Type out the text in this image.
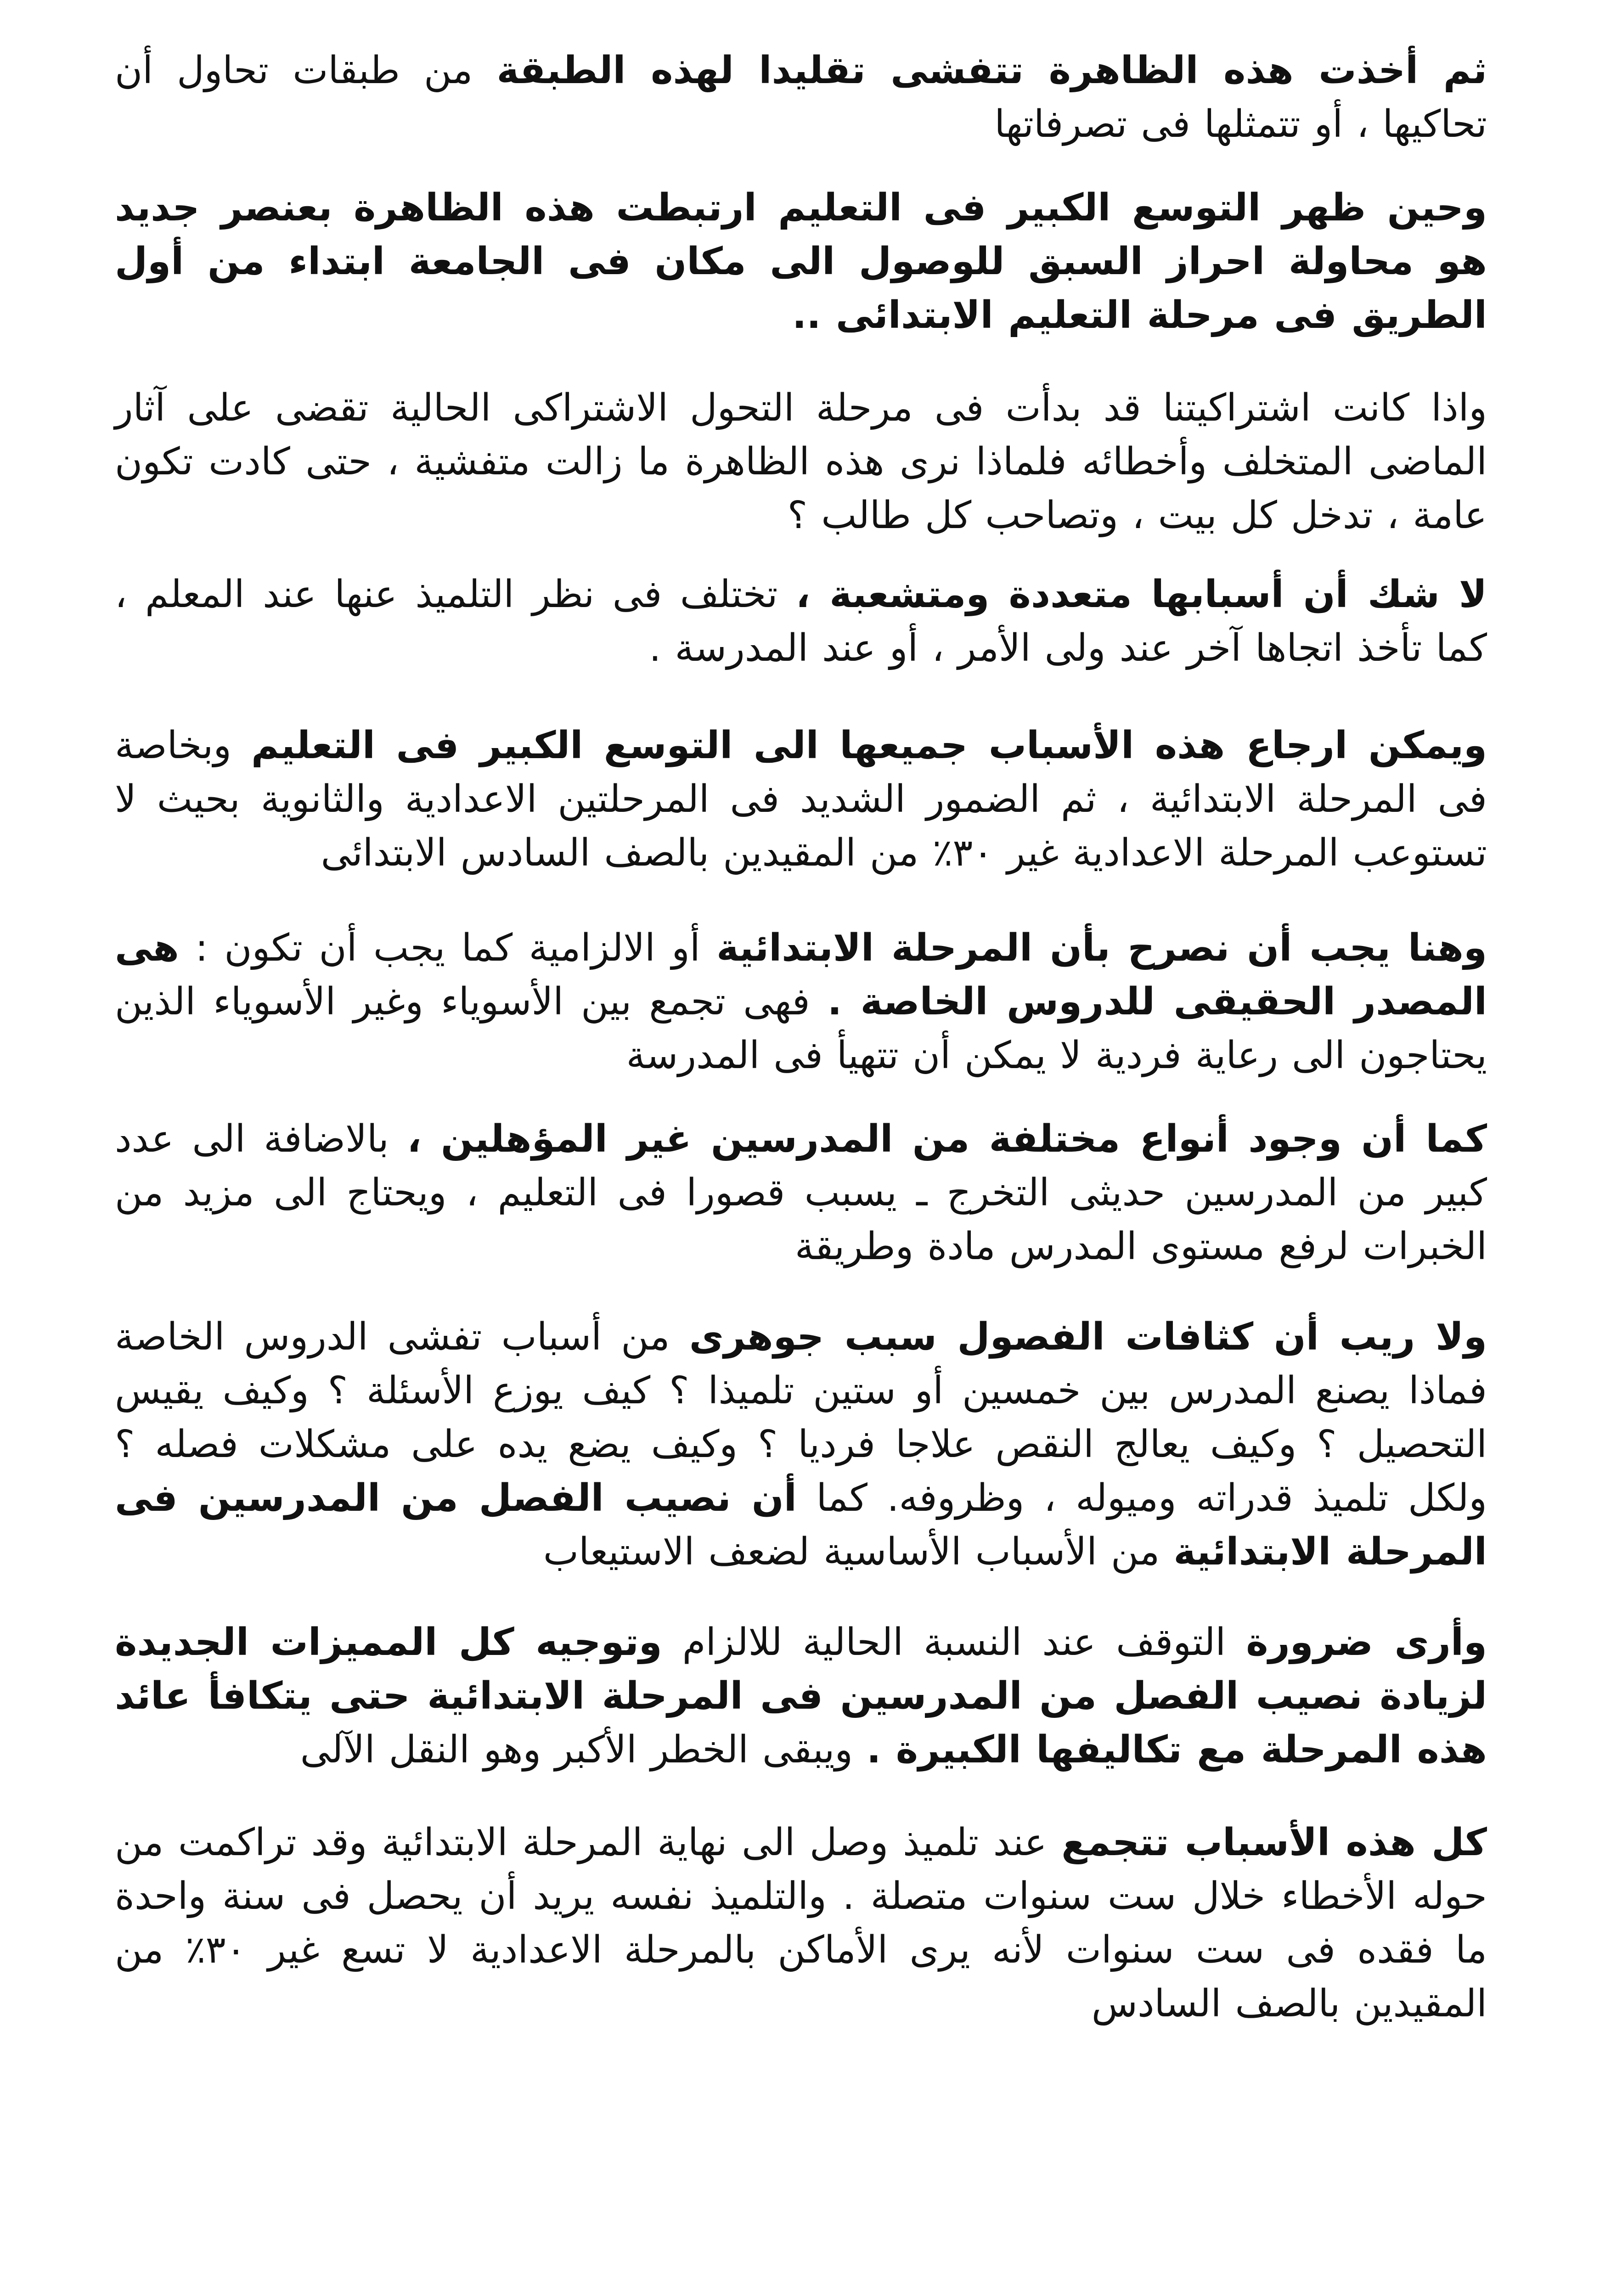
ثم أخذت هذه الظاهرة تتفشى تقليدا لهذه الطبقة من طبقات تحاول أن تحاكيها ، أو تتمثلها فى تصرفاتها

وحين ظهر التوسع الكبير فى التعليم ارتبطت هذه الظاهرة بعنصر جديد هو محاولة احراز السبق للوصول الى مكان فى الجامعة ابتداء من أول الطريق فى مرحلة التعليم الابتدائى ..

واذا كانت اشتراكيتنا قد بدأت فى مرحلة التحول الاشتراكى الحالية تقضى على آثار الماضى المتخلف وأخطائه فلماذا نرى هذه الظاهرة ما زالت متفشية ، حتى كادت تكون عامة ، تدخل كل بيت ، وتصاحب كل طالب ؟

لا شك أن أسبابها متعددة ومتشعبة ، تختلف فى نظر التلميذ عنها عند المعلم ، كما تأخذ اتجاها آخر عند ولى الأمر ، أو عند المدرسة .

ويمكن ارجاع هذه الأسباب جميعها الى التوسع الكبير فى التعليم وبخاصة فى المرحلة الابتدائية ، ثم الضمور الشديد فى المرحلتين الاعدادية والثانوية بحيث لا تستوعب المرحلة الاعدادية غير ٣٠٪ من المقيدين بالصف السادس الابتدائى

وهنا يجب أن نصرح بأن المرحلة الابتدائية أو الالزامية كما يجب أن تكون : هى المصدر الحقيقى للدروس الخاصة . فهى تجمع بين الأسوياء وغير الأسوياء الذين يحتاجون الى رعاية فردية لا يمكن أن تتهيأ فى المدرسة

كما أن وجود أنواع مختلفة من المدرسين غير المؤهلين ، بالاضافة الى عدد كبير من المدرسين حديثى التخرج ـ يسبب قصورا فى التعليم ، ويحتاج الى مزيد من الخبرات لرفع مستوى المدرس مادة وطريقة

ولا ريب أن كثافات الفصول سبب جوهرى من أسباب تفشى الدروس الخاصة فماذا يصنع المدرس بين خمسين أو ستين تلميذا ؟ كيف يوزع الأسئلة ؟ وكيف يقيس التحصيل ؟ وكيف يعالج النقص علاجا فرديا ؟ وكيف يضع يده على مشكلات فصله ؟ ولكل تلميذ قدراته وميوله ، وظروفه. كما أن نصيب الفصل من المدرسين فى المرحلة الابتدائية من الأسباب الأساسية لضعف الاستيعاب

وأرى ضرورة التوقف عند النسبة الحالية للالزام وتوجيه كل المميزات الجديدة لزيادة نصيب الفصل من المدرسين فى المرحلة الابتدائية حتى يتكافأ عائد هذه المرحلة مع تكاليفها الكبيرة . ويبقى الخطر الأكبر وهو النقل الآلى

كل هذه الأسباب تتجمع عند تلميذ وصل الى نهاية المرحلة الابتدائية وقد تراكمت من حوله الأخطاء خلال ست سنوات متصلة . والتلميذ نفسه يريد أن يحصل فى سنة واحدة ما فقده فى ست سنوات لأنه يرى الأماكن بالمرحلة الاعدادية لا تسع غير ٣٠٪ من المقيدين بالصف السادس
